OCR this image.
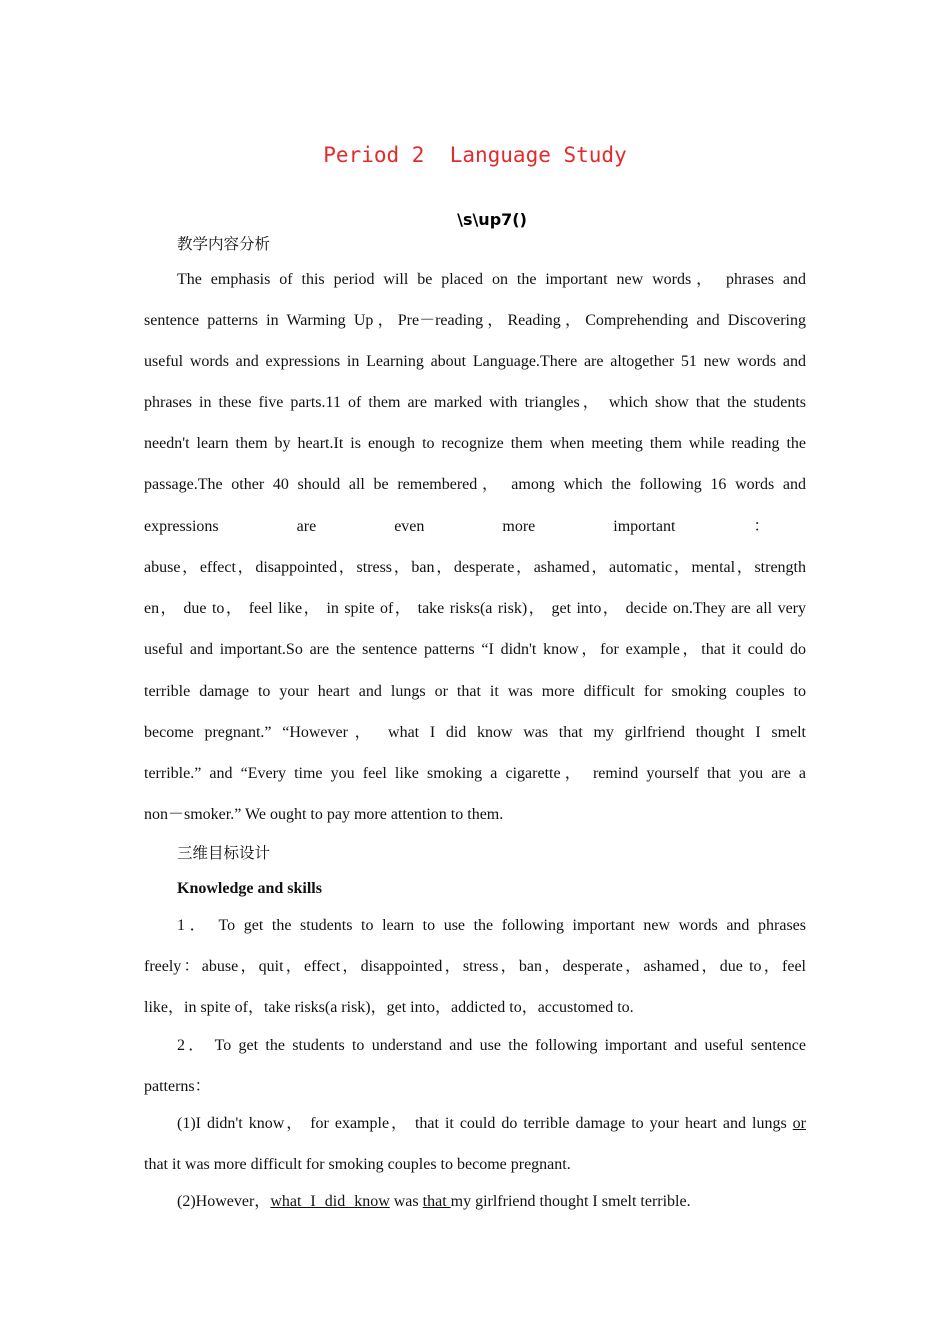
Period 2  Language Study
\s\up7()
教学内容分析
The emphasis of this period will be placed on the important new words， phrases and
sentence patterns in Warming Up，Pre－reading，Reading，Comprehending and Discovering
useful words and expressions in Learning about Language.There are altogether 51 new words and
phrases in these five parts.11 of them are marked with triangles， which show that the students
needn't learn them by heart.It is enough to recognize them when meeting them while reading the
passage.The other 40 should all be remembered， among which the following 16 words and
expressions are even more important ：
abuse，effect，disappointed，stress，ban，desperate，ashamed，automatic，mental，strength
en， due to， feel like， in spite of， take risks(a risk)， get into， decide on.They are all very
useful and important.So are the sentence patterns “I didn't know，for example，that it could do
terrible damage to your heart and lungs or that it was more difficult for smoking couples to
become pregnant.” “However， what I did know was that my girlfriend thought I smelt
terrible.” and “Every time you feel like smoking a cigarette， remind yourself that you are a
non－smoker.” We ought to pay more attention to them.
三维目标设计
Knowledge and skills
1． To get the students to learn to use the following important new words and phrases
freely：abuse，quit，effect，disappointed，stress，ban，desperate，ashamed，due to，feel
like，in spite of，take risks(a risk)，get into，addicted to，accustomed to.
2． To get the students to understand and use the following important and useful sentence
patterns：
(1)I didn't know， for example， that it could do terrible damage to your heart and lungs or
that it was more difficult for smoking couples to become pregnant.
(2)However，what I did know was that my girlfriend thought I smelt terrible.
